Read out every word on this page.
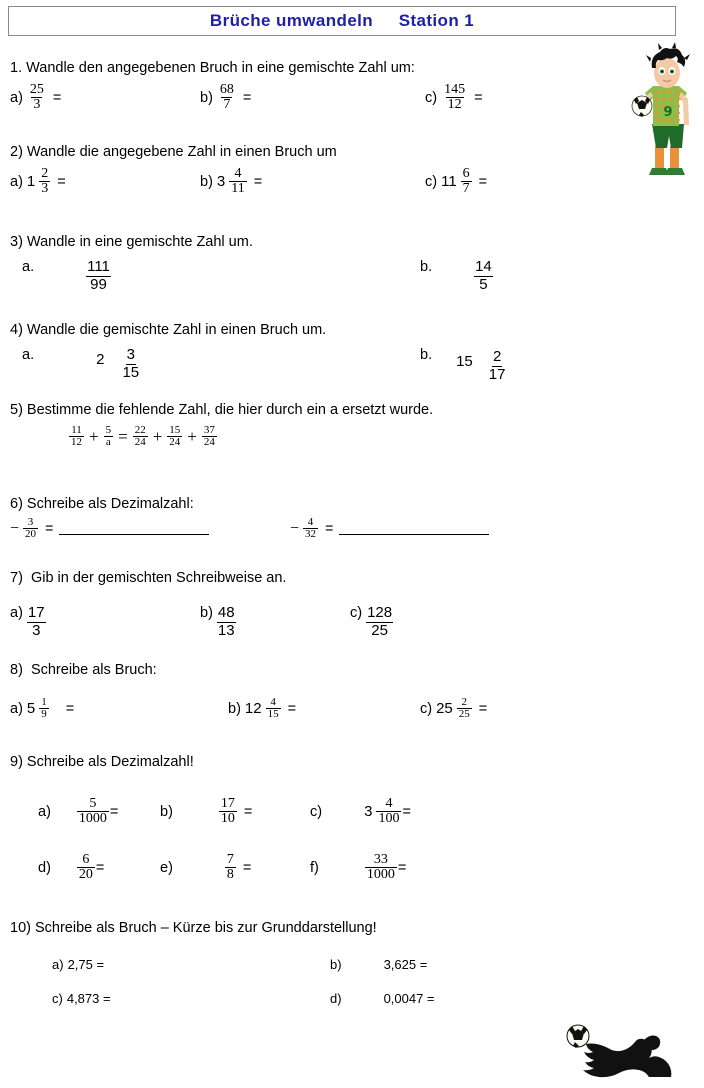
Brüche umwandeln     Station 1
1. Wandle den angegebenen Bruch in eine gemischte Zahl um:
$a) \frac{25}{3}$ =	$b) \frac{68}{7}$ =	$c) \frac{145}{12}$ =
2) Wandle die angegebene Zahl in einen Bruch um
a) $1 \frac{2}{3}$ =	b) $3 \frac{4}{11}$ =	c) $11 \frac{6}{7}$ =
3) Wandle in eine gemischte Zahl um.
a.	$\frac{111}{99}$	b.	$\frac{14}{5}$
4) Wandle die gemischte Zahl in einen Bruch um.
a.	$2 \frac{3}{15}$	b. $15 \frac{2}{17}$
5) Bestimme die fehlende Zahl, die hier durch ein a ersetzt wurde.
$\frac{11}{12} + \frac{5}{a} = \frac{22}{24} + \frac{15}{24} + \frac{37}{24}$
6) Schreibe als Dezimalzahl:
− $\frac{3}{20}$ =	− $\frac{4}{32}$ =
7)  Gib in der gemischten Schreibweise an.
$a) \frac{17}{3}$	$b) \frac{48}{13}$	$c) \frac{128}{25}$
8)  Schreibe als Bruch:
a) $5 \frac{1}{9}$ =	b) $12 \frac{4}{15}$ =	c) $25 \frac{2}{25}$ =
9) Schreibe als Dezimalzahl!
$a) \frac{5}{1000}$ =	b)	$\frac{17}{10}$ =	c)	$3 \frac{4}{100}$ =
$d) \frac{6}{20}$ =	e)	$\frac{7}{8}$ =	f)	$\frac{33}{1000}$ =
10) Schreibe als Bruch – Kürze bis zur Grunddarstellung!
a) 2,75 =	b)	3,625 =
c) 4,873 =	d)	0,0047 =
9
